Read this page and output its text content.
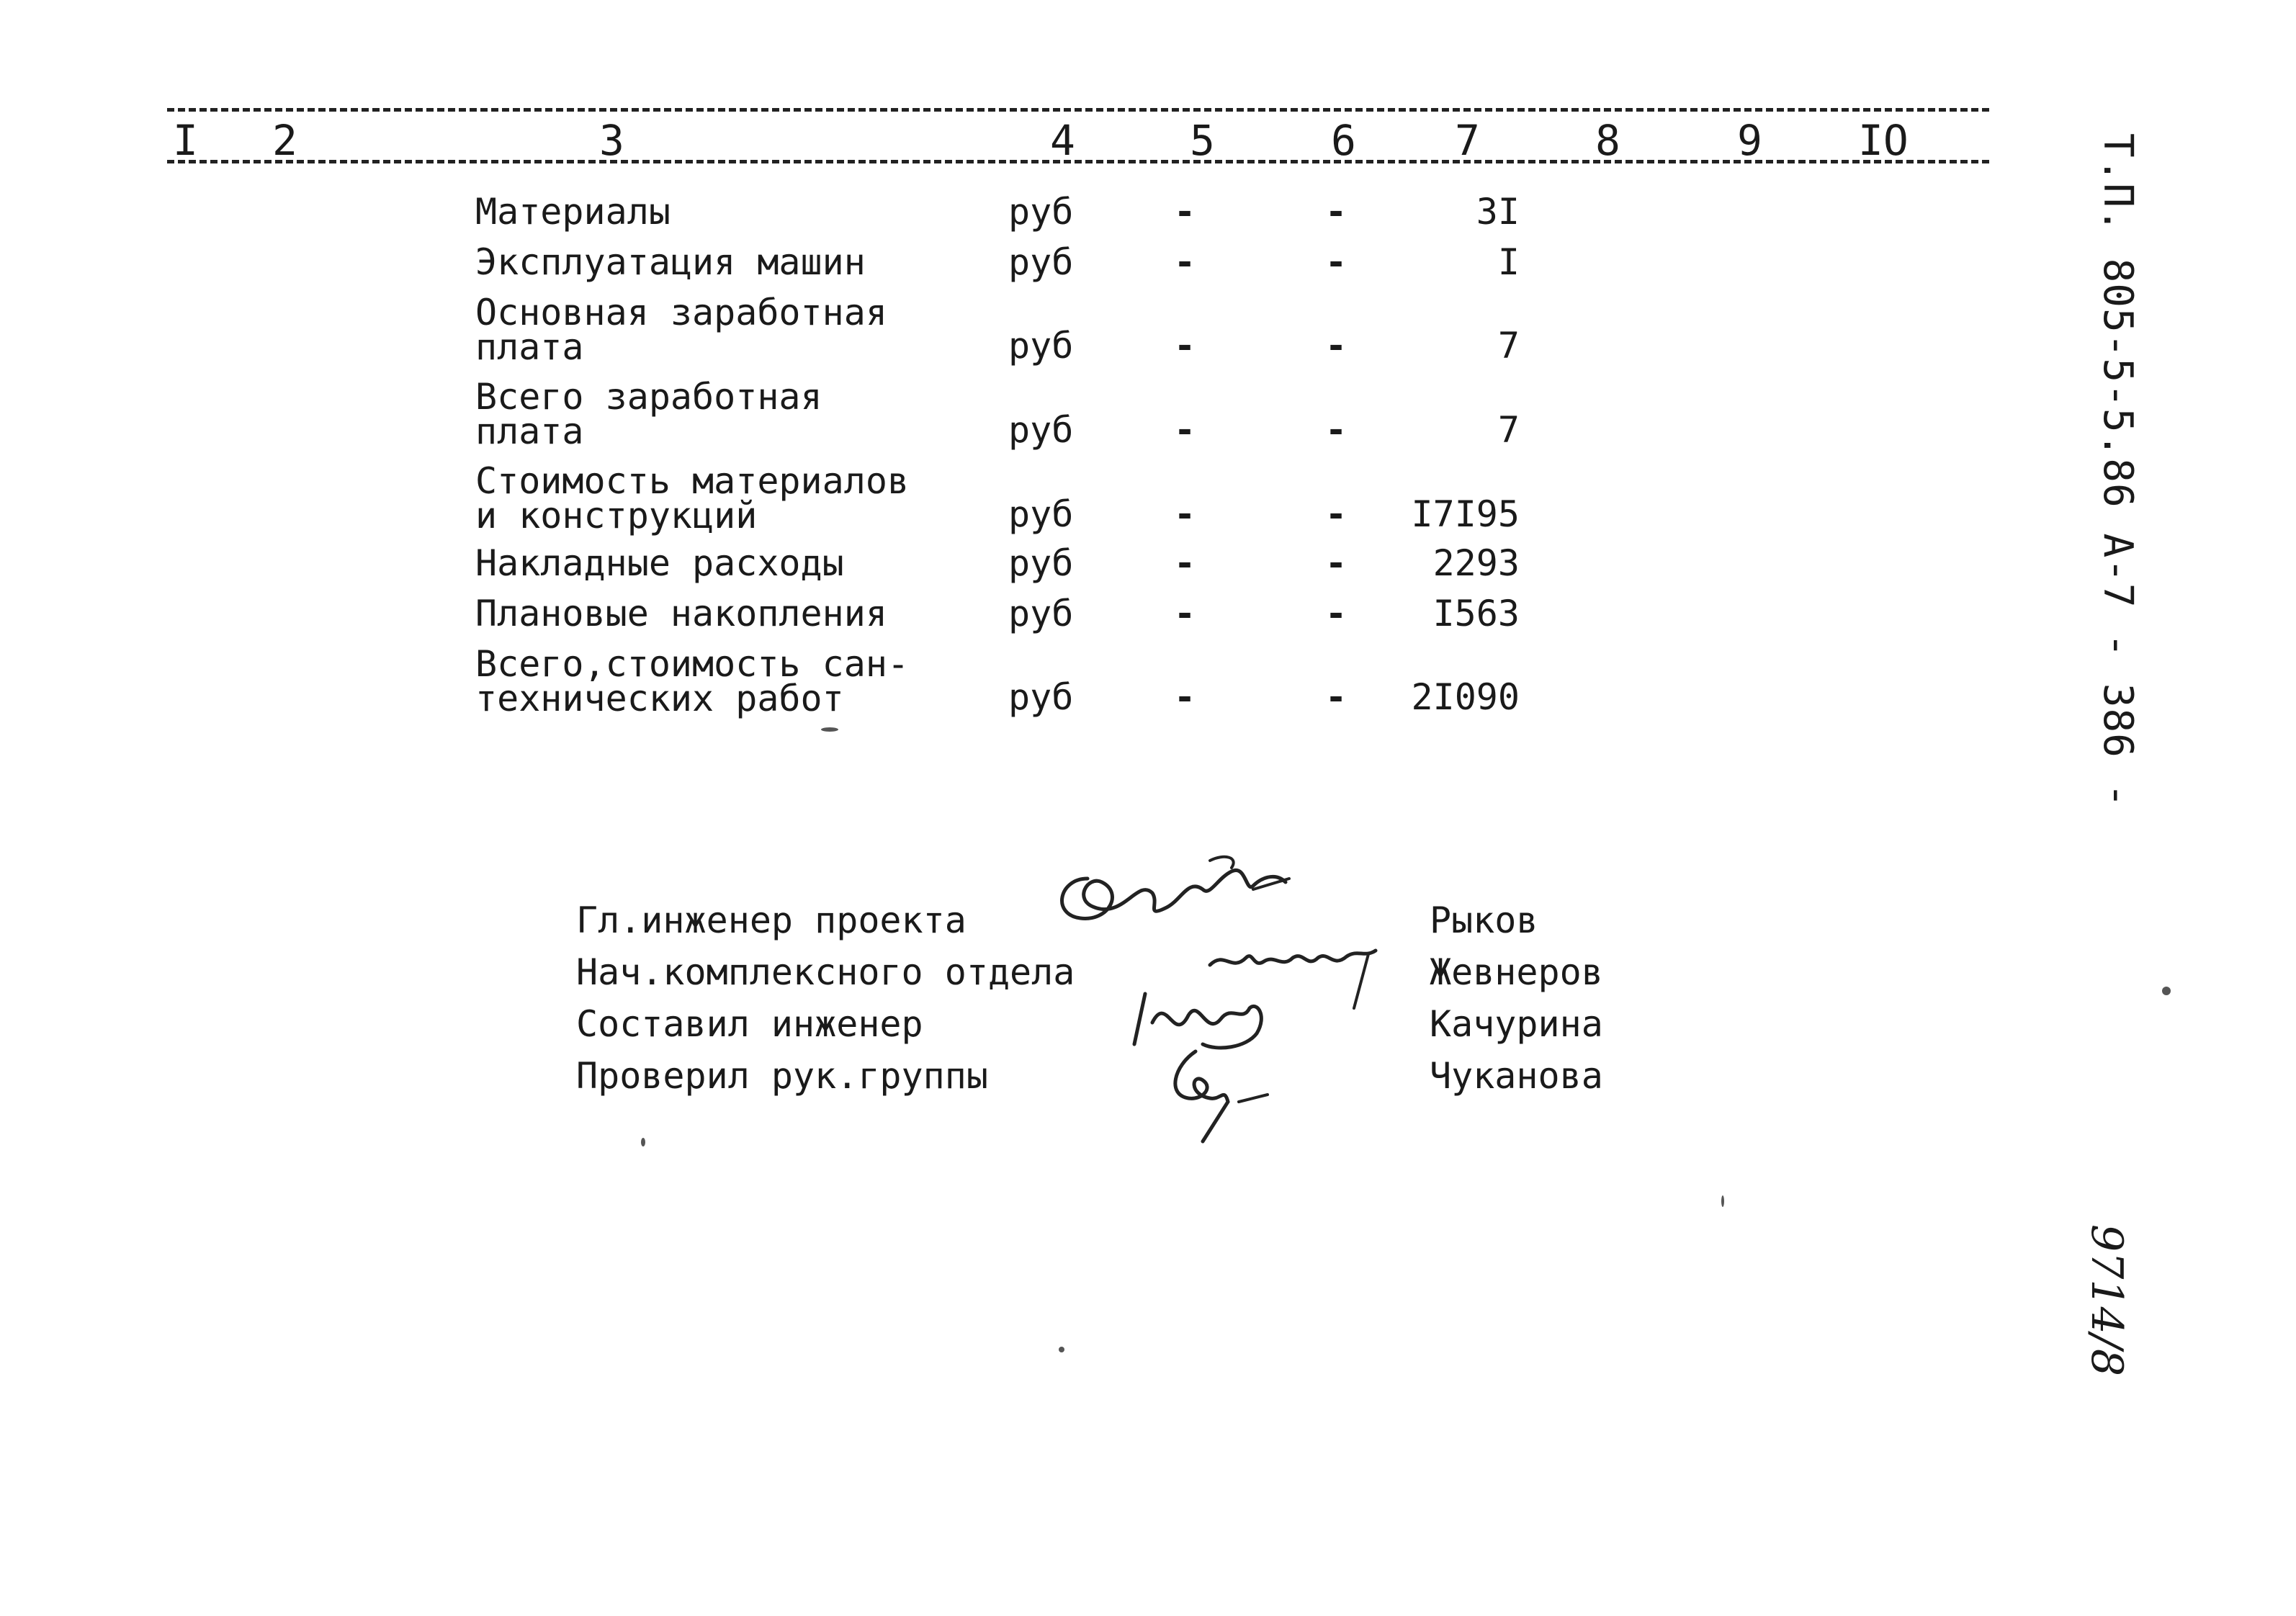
I 2	3	4	5	6 7	8	9 IO
Материалы	руб	-	-	3I
Эксплуатация машин	руб	-	-	I
Основная заработная
плата	руб	-	-	7
Всего заработная
плата	руб	-	-	7
Стоимость материалов
и конструкций	руб	-	-	I7I95
Накладные расходы	руб	-	-	2293
Плановые накопления	руб	-	-	I563
Всего,стоимость сан-
технических работ	руб	-	-	2I090
Гл.инженер проекта	Рыков
Нач.комплексного отдела	Жевнеров
Составил инженер	Качурина
Проверил рук.группы	Чуканова
Т.П. 805-5-5.86 А-7 - 386 -
9714/8
